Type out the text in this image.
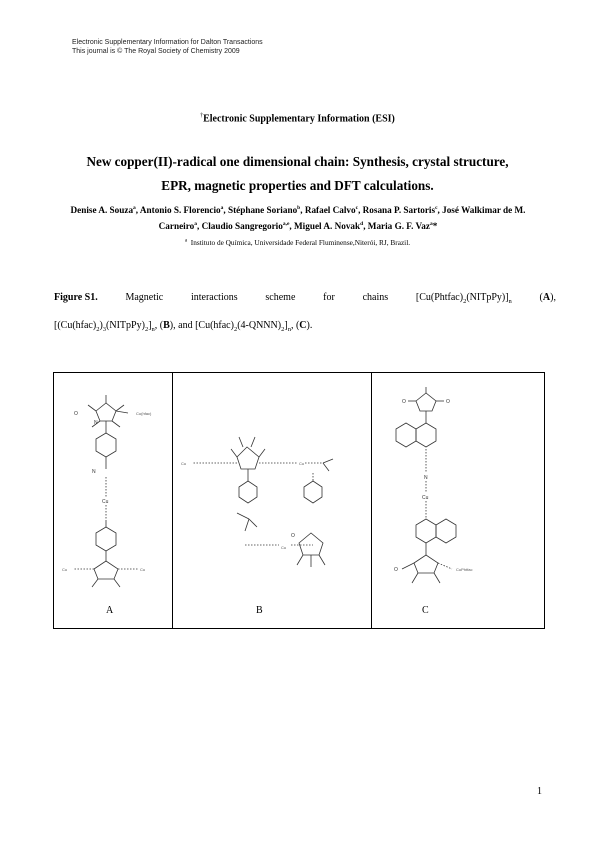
Electronic Supplementary Information for Dalton Transactions
This journal is © The Royal Society of Chemistry 2009
†Electronic Supplementary Information (ESI)
New copper(II)-radical one dimensional chain: Synthesis, crystal structure,
EPR, magnetic properties and DFT calculations.
Denise A. Souza$^a$, Antonio S. Florencio$^a$, Stéphane Soriano$^b$, Rafael Calvo$^c$, Rosana P. Sartoris$^c$, José Walkimar de M. Carneiro$^a$, Claudio Sangregorio$^{a,e}$, Miguel A. Novak$^d$, Maria G. F. Vaz$^a$*
$^a$ Instituto de Química, Universidade Federal Fluminense,Niterói, RJ, Brazil.
Figure S1.	Magnetic	interactions	scheme	for	chains	$[Cu(Phtfac)_2(NITpPy)]_n$	(A),
$[(Cu(hfac)_2)_3(NITpPy)_2]_n$, (B), and $[Cu(hfac)_2(4-QNNN)_2]_n$, (C).
O
N
Cu(hfac)
N
Cu
Cu	Cu
A
Cu	Cu
Cu
O
B
O	O
N
Cu
O	CuPhtfac
C
1
